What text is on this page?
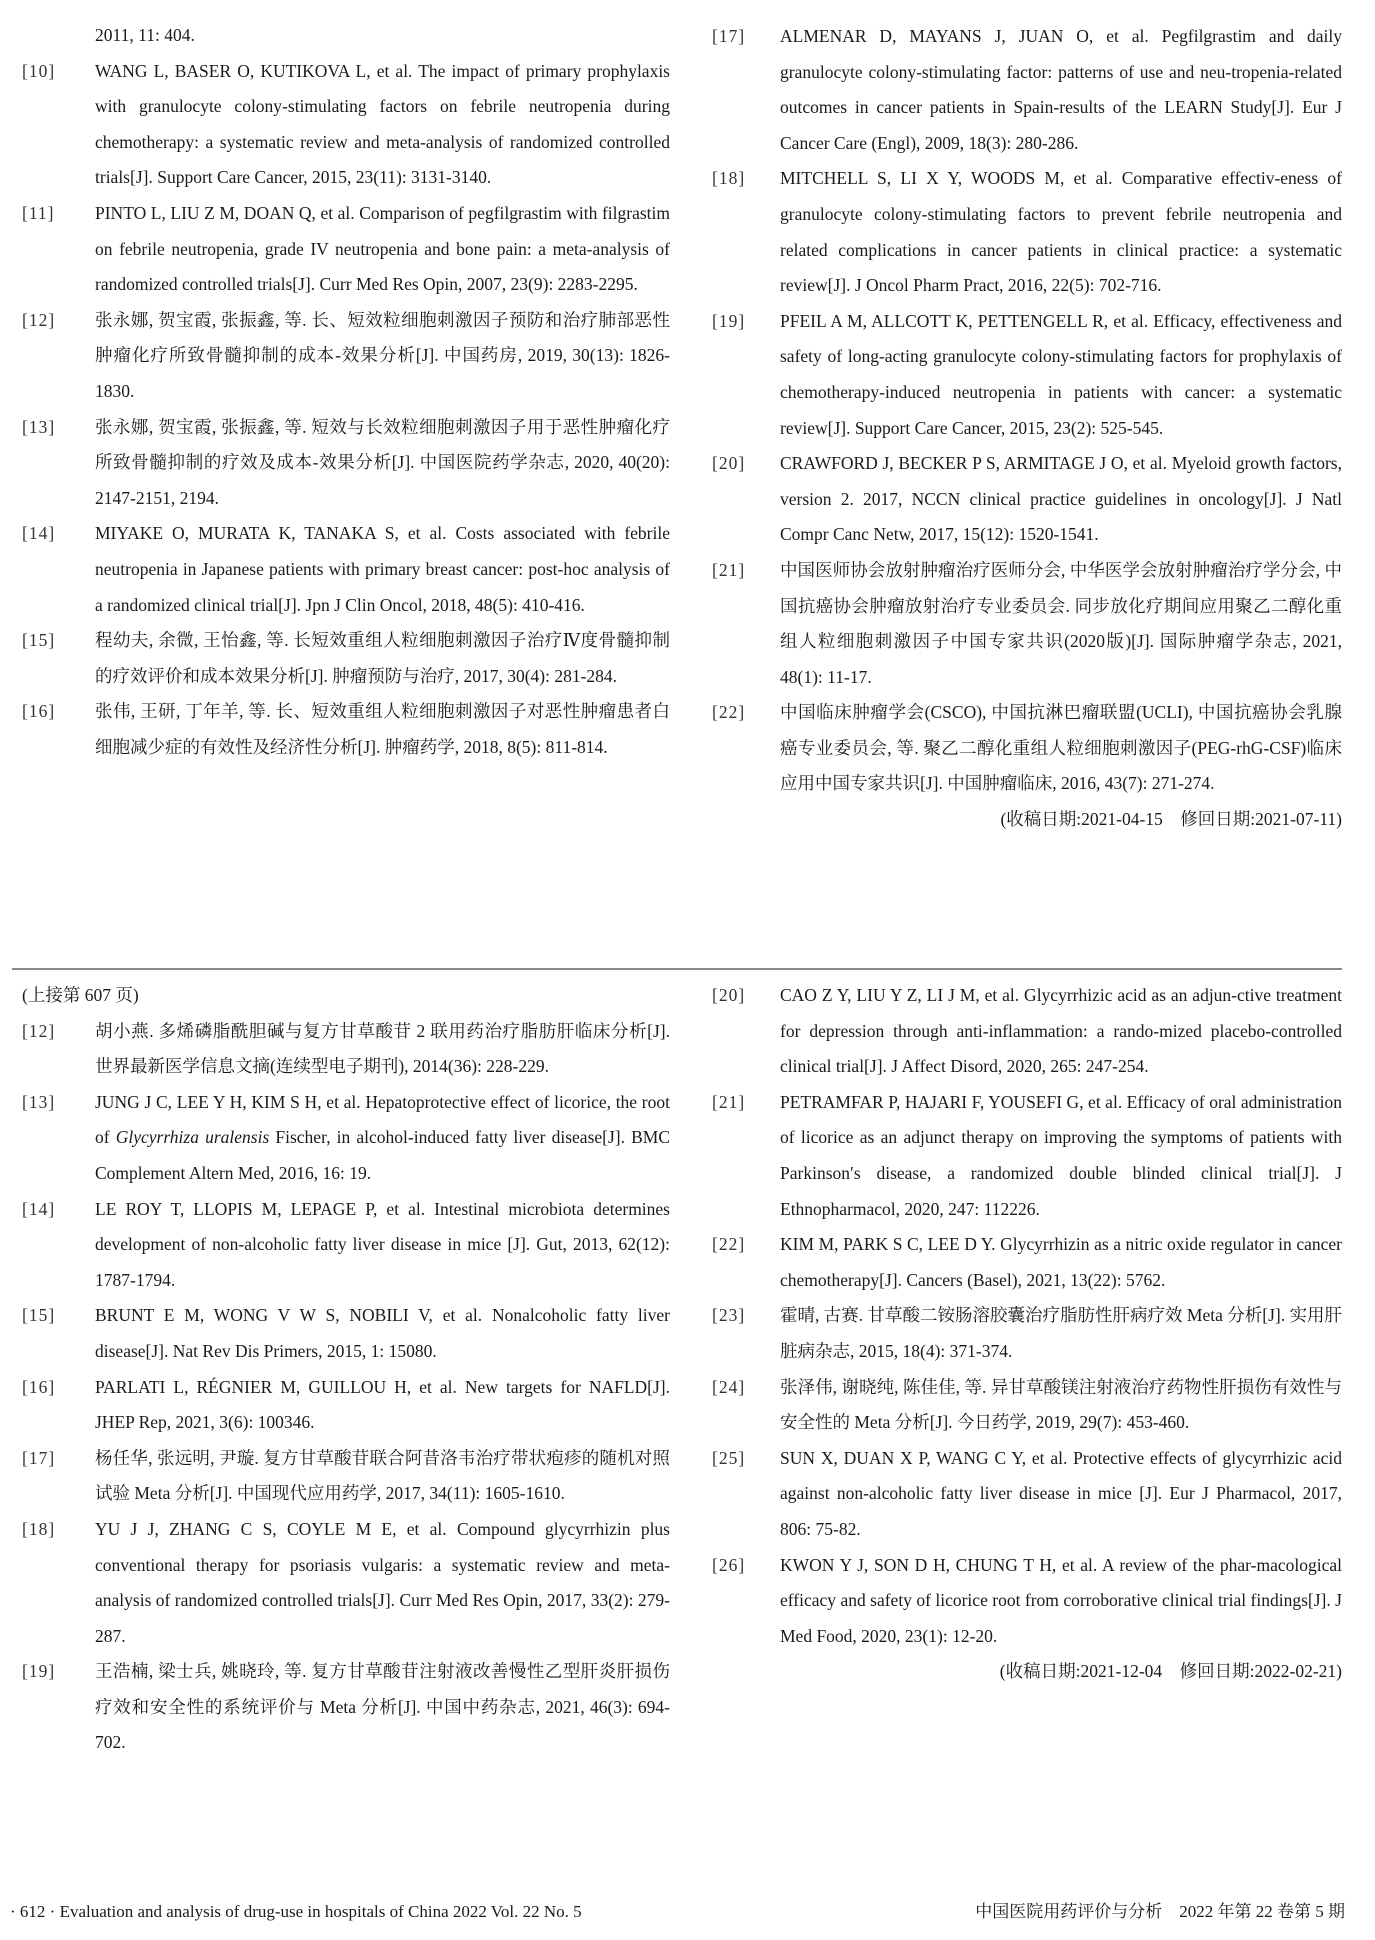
2011, 11: 404.
[10] WANG L, BASER O, KUTIKOVA L, et al. The impact of primary prophylaxis with granulocyte colony-stimulating factors on febrile neutropenia during chemotherapy: a systematic review and meta-analysis of randomized controlled trials[J]. Support Care Cancer, 2015, 23(11): 3131-3140.
[11] PINTO L, LIU Z M, DOAN Q, et al. Comparison of pegfilgrastim with filgrastim on febrile neutropenia, grade IV neutropenia and bone pain: a meta-analysis of randomized controlled trials[J]. Curr Med Res Opin, 2007, 23(9): 2283-2295.
[12] 张永娜, 贺宝霞, 张振鑫, 等. 长、短效粒细胞刺激因子预防和治疗肺部恶性肿瘤化疗所致骨髓抑制的成本-效果分析[J]. 中国药房, 2019, 30(13): 1826-1830.
[13] 张永娜, 贺宝霞, 张振鑫, 等. 短效与长效粒细胞刺激因子用于恶性肿瘤化疗所致骨髓抑制的疗效及成本-效果分析[J]. 中国医院药学杂志, 2020, 40(20): 2147-2151, 2194.
[14] MIYAKE O, MURATA K, TANAKA S, et al. Costs associated with febrile neutropenia in Japanese patients with primary breast cancer: post-hoc analysis of a randomized clinical trial[J]. Jpn J Clin Oncol, 2018, 48(5): 410-416.
[15] 程幼夫, 余微, 王怡鑫, 等. 长短效重组人粒细胞刺激因子治疗Ⅳ度骨髓抑制的疗效评价和成本效果分析[J]. 肿瘤预防与治疗, 2017, 30(4): 281-284.
[16] 张伟, 王研, 丁年羊, 等. 长、短效重组人粒细胞刺激因子对恶性肿瘤患者白细胞减少症的有效性及经济性分析[J]. 肿瘤药学, 2018, 8(5): 811-814.
[17] ALMENAR D, MAYANS J, JUAN O, et al. Pegfilgrastim and daily granulocyte colony-stimulating factor: patterns of use and neu-tropenia-related outcomes in cancer patients in Spain-results of the LEARN Study[J]. Eur J Cancer Care (Engl), 2009, 18(3): 280-286.
[18] MITCHELL S, LI X Y, WOODS M, et al. Comparative effectiv-eness of granulocyte colony-stimulating factors to prevent febrile neutropenia and related complications in cancer patients in clinical practice: a systematic review[J]. J Oncol Pharm Pract, 2016, 22(5): 702-716.
[19] PFEIL A M, ALLCOTT K, PETTENGELL R, et al. Efficacy, effectiveness and safety of long-acting granulocyte colony-stimulating factors for prophylaxis of chemotherapy-induced neutropenia in patients with cancer: a systematic review[J]. Support Care Cancer, 2015, 23(2): 525-545.
[20] CRAWFORD J, BECKER P S, ARMITAGE J O, et al. Myeloid growth factors, version 2. 2017, NCCN clinical practice guidelines in oncology[J]. J Natl Compr Canc Netw, 2017, 15(12): 1520-1541.
[21] 中国医师协会放射肿瘤治疗医师分会, 中华医学会放射肿瘤治疗学分会, 中国抗癌协会肿瘤放射治疗专业委员会. 同步放化疗期间应用聚乙二醇化重组人粒细胞刺激因子中国专家共识(2020版)[J]. 国际肿瘤学杂志, 2021, 48(1): 11-17.
[22] 中国临床肿瘤学会(CSCO), 中国抗淋巴瘤联盟(UCLI), 中国抗癌协会乳腺癌专业委员会, 等. 聚乙二醇化重组人粒细胞刺激因子(PEG-rhG-CSF)临床应用中国专家共识[J]. 中国肿瘤临床, 2016, 43(7): 271-274.
(收稿日期:2021-04-15　修回日期:2021-07-11)
(上接第 607 页)
[12] 胡小燕. 多烯磷脂酰胆碱与复方甘草酸苷 2 联用药治疗脂肪肝临床分析[J]. 世界最新医学信息文摘(连续型电子期刊), 2014(36): 228-229.
[13] JUNG J C, LEE Y H, KIM S H, et al. Hepatoprotective effect of licorice, the root of Glycyrrhiza uralensis Fischer, in alcohol-induced fatty liver disease[J]. BMC Complement Altern Med, 2016, 16: 19.
[14] LE ROY T, LLOPIS M, LEPAGE P, et al. Intestinal microbiota determines development of non-alcoholic fatty liver disease in mice [J]. Gut, 2013, 62(12): 1787-1794.
[15] BRUNT E M, WONG V W S, NOBILI V, et al. Nonalcoholic fatty liver disease[J]. Nat Rev Dis Primers, 2015, 1: 15080.
[16] PARLATI L, RÉGNIER M, GUILLOU H, et al. New targets for NAFLD[J]. JHEP Rep, 2021, 3(6): 100346.
[17] 杨任华, 张远明, 尹璇. 复方甘草酸苷联合阿昔洛韦治疗带状疱疹的随机对照试验 Meta 分析[J]. 中国现代应用药学, 2017, 34(11): 1605-1610.
[18] YU J J, ZHANG C S, COYLE M E, et al. Compound glycyrrhizin plus conventional therapy for psoriasis vulgaris: a systematic review and meta-analysis of randomized controlled trials[J]. Curr Med Res Opin, 2017, 33(2): 279-287.
[19] 王浩楠, 梁士兵, 姚晓玲, 等. 复方甘草酸苷注射液改善慢性乙型肝炎肝损伤疗效和安全性的系统评价与 Meta 分析[J]. 中国中药杂志, 2021, 46(3): 694-702.
[20] CAO Z Y, LIU Y Z, LI J M, et al. Glycyrrhizic acid as an adjun-ctive treatment for depression through anti-inflammation: a rando-mized placebo-controlled clinical trial[J]. J Affect Disord, 2020, 265: 247-254.
[21] PETRAMFAR P, HAJARI F, YOUSEFI G, et al. Efficacy of oral administration of licorice as an adjunct therapy on improving the symptoms of patients with Parkinson′s disease, a randomized double blinded clinical trial[J]. J Ethnopharmacol, 2020, 247: 112226.
[22] KIM M, PARK S C, LEE D Y. Glycyrrhizin as a nitric oxide regulator in cancer chemotherapy[J]. Cancers (Basel), 2021, 13(22): 5762.
[23] 霍晴, 古赛. 甘草酸二铵肠溶胶囊治疗脂肪性肝病疗效 Meta 分析[J]. 实用肝脏病杂志, 2015, 18(4): 371-374.
[24] 张泽伟, 谢晓纯, 陈佳佳, 等. 异甘草酸镁注射液治疗药物性肝损伤有效性与安全性的 Meta 分析[J]. 今日药学, 2019, 29(7): 453-460.
[25] SUN X, DUAN X P, WANG C Y, et al. Protective effects of glycyrrhizic acid against non-alcoholic fatty liver disease in mice [J]. Eur J Pharmacol, 2017, 806: 75-82.
[26] KWON Y J, SON D H, CHUNG T H, et al. A review of the phar-macological efficacy and safety of licorice root from corroborative clinical trial findings[J]. J Med Food, 2020, 23(1): 12-20.
(收稿日期:2021-12-04　修回日期:2022-02-21)
· 612 · Evaluation and analysis of drug-use in hospitals of China 2022 Vol. 22 No. 5	中国医院用药评价与分析　2022 年第 22 卷第 5 期
